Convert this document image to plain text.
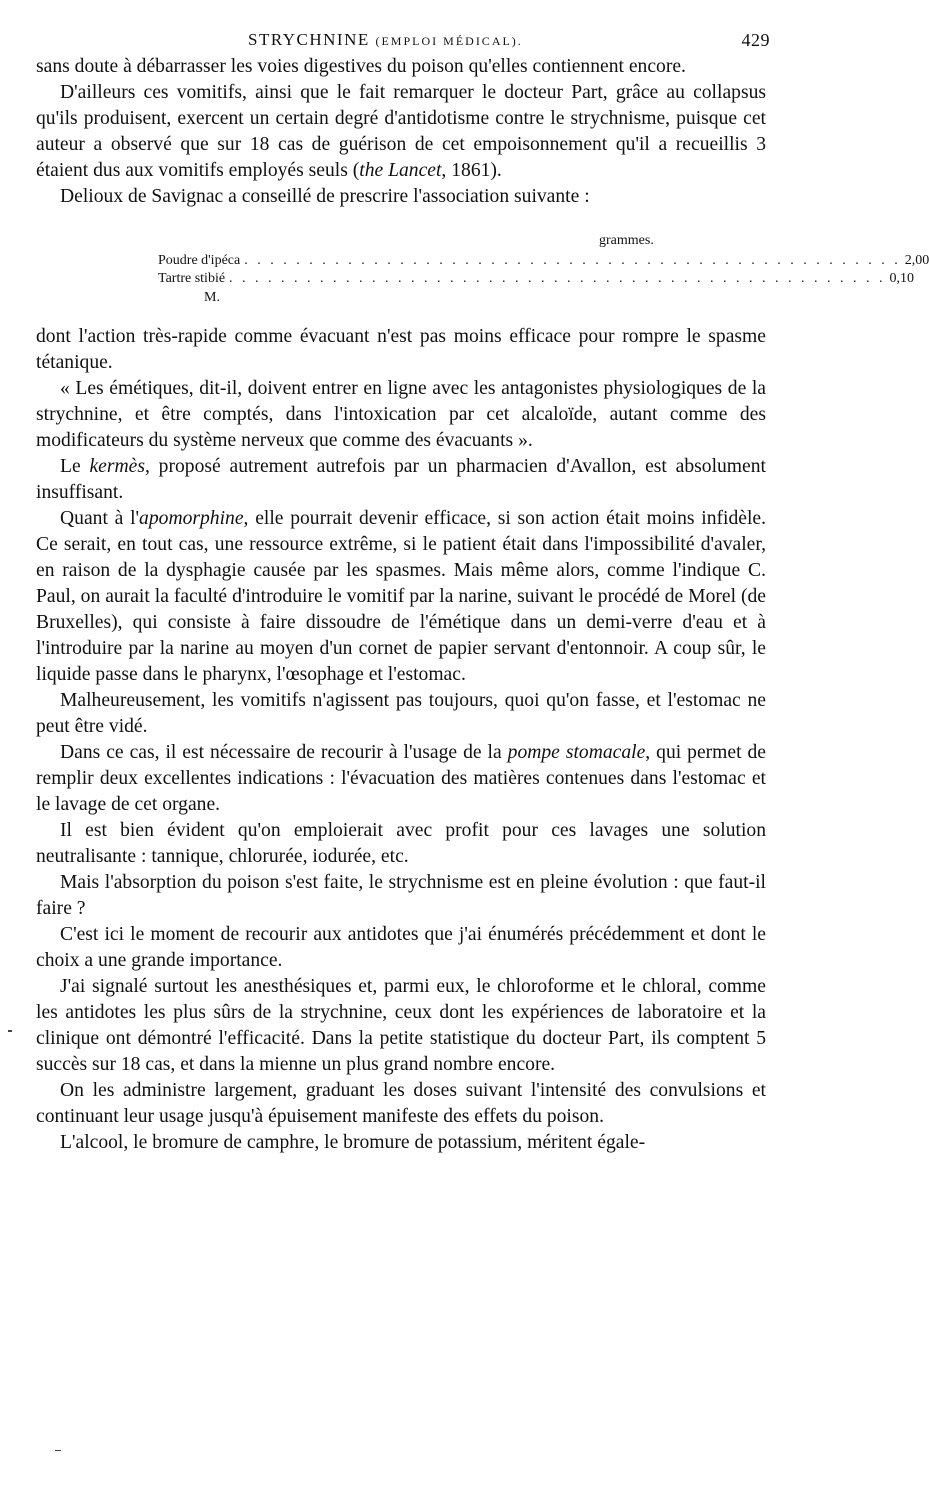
STRYCHNINE (EMPLOI MÉDICAL).	429

sans doute à débarrasser les voies digestives du poison qu'elles contiennent encore.

D'ailleurs ces vomitifs, ainsi que le fait remarquer le docteur Part, grâce au collapsus qu'ils produisent, exercent un certain degré d'antidotisme contre le strychnisme, puisque cet auteur a observé que sur 18 cas de guérison de cet empoisonnement qu'il a recueillis 3 étaient dus aux vomitifs employés seuls (the Lancet, 1861).

Delioux de Savignac a conseillé de prescrire l'association suivante :

grammes.
Poudre d'ipéca . . . . . . . . . . . . . . . . . . . . . . . . . . . . . . . . . . . . . . . . . . . . . . . . . . . 2,00
Tartre stibié . . . . . . . . . . . . . . . . . . . . . . . . . . . . . . . . . . . . . . . . . . . . . . . . . . . 0,10
M.

dont l'action très-rapide comme évacuant n'est pas moins efficace pour rompre le spasme tétanique.

« Les émétiques, dit-il, doivent entrer en ligne avec les antagonistes physiologiques de la strychnine, et être comptés, dans l'intoxication par cet alcaloïde, autant comme des modificateurs du système nerveux que comme des évacuants ».

Le kermès, proposé autrement autrefois par un pharmacien d'Avallon, est absolument insuffisant.

Quant à l'apomorphine, elle pourrait devenir efficace, si son action était moins infidèle. Ce serait, en tout cas, une ressource extrême, si le patient était dans l'impossibilité d'avaler, en raison de la dysphagie causée par les spasmes. Mais même alors, comme l'indique C. Paul, on aurait la faculté d'introduire le vomitif par la narine, suivant le procédé de Morel (de Bruxelles), qui consiste à faire dissoudre de l'émétique dans un demi-verre d'eau et à l'introduire par la narine au moyen d'un cornet de papier servant d'entonnoir. A coup sûr, le liquide passe dans le pharynx, l'œsophage et l'estomac.

Malheureusement, les vomitifs n'agissent pas toujours, quoi qu'on fasse, et l'estomac ne peut être vidé.

Dans ce cas, il est nécessaire de recourir à l'usage de la pompe stomacale, qui permet de remplir deux excellentes indications : l'évacuation des matières contenues dans l'estomac et le lavage de cet organe.

Il est bien évident qu'on emploierait avec profit pour ces lavages une solution neutralisante : tannique, chlorurée, iodurée, etc.

Mais l'absorption du poison s'est faite, le strychnisme est en pleine évolution : que faut-il faire ?

C'est ici le moment de recourir aux antidotes que j'ai énumérés précédemment et dont le choix a une grande importance.

J'ai signalé surtout les anesthésiques et, parmi eux, le chloroforme et le chloral, comme les antidotes les plus sûrs de la strychnine, ceux dont les expériences de laboratoire et la clinique ont démontré l'efficacité. Dans la petite statistique du docteur Part, ils comptent 5 succès sur 18 cas, et dans la mienne un plus grand nombre encore.

On les administre largement, graduant les doses suivant l'intensité des convulsions et continuant leur usage jusqu'à épuisement manifeste des effets du poison.

L'alcool, le bromure de camphre, le bromure de potassium, méritent égale-
